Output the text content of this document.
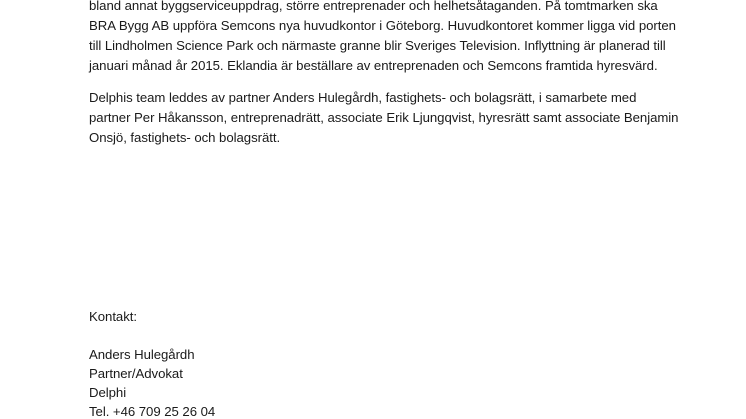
bland annat byggserviceuppdrag, större entreprenader och helhetsåtaganden. På tomtmarken ska
BRA Bygg AB uppföra Semcons nya huvudkontor i Göteborg. Huvudkontoret kommer ligga vid porten
till Lindholmen Science Park och närmaste granne blir Sveriges Television. Inflyttning är planerad till
januari månad år 2015. Eklandia är beställare av entreprenaden och Semcons framtida hyresvärd.
Delphis team leddes av partner Anders Hulegårdh, fastighets- och bolagsrätt, i samarbete med
partner Per Håkansson, entreprenadrätt, associate Erik Ljungqvist, hyresrätt samt associate Benjamin
Onsjö, fastighets- och bolagsrätt.
Kontakt:
Anders Hulegårdh
Partner/Advokat
Delphi
Tel. +46 709 25 26 04
